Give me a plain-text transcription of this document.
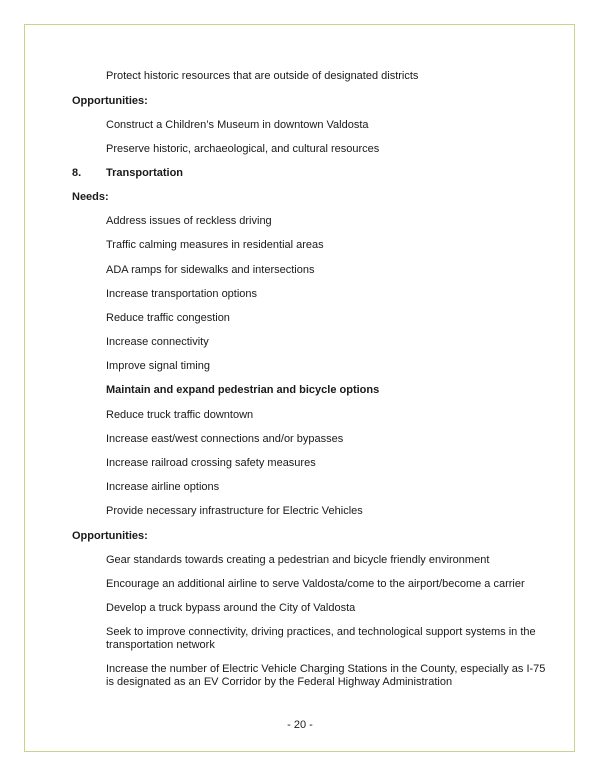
Protect historic resources that are outside of designated districts
Opportunities:
Construct a Children’s Museum in downtown Valdosta
Preserve historic, archaeological, and cultural resources
8. Transportation
Needs:
Address issues of reckless driving
Traffic calming measures in residential areas
ADA ramps for sidewalks and intersections
Increase transportation options
Reduce traffic congestion
Increase connectivity
Improve signal timing
Maintain and expand pedestrian and bicycle options
Reduce truck traffic downtown
Increase east/west connections and/or bypasses
Increase railroad crossing safety measures
Increase airline options
Provide necessary infrastructure for Electric Vehicles
Opportunities:
Gear standards towards creating a pedestrian and bicycle friendly environment
Encourage an additional airline to serve Valdosta/come to the airport/become a carrier
Develop a truck bypass around the City of Valdosta
Seek to improve connectivity, driving practices, and technological support systems in the transportation network
Increase the number of Electric Vehicle Charging Stations in the County, especially as I-75 is designated as an EV Corridor by the Federal Highway Administration
- 20 -
